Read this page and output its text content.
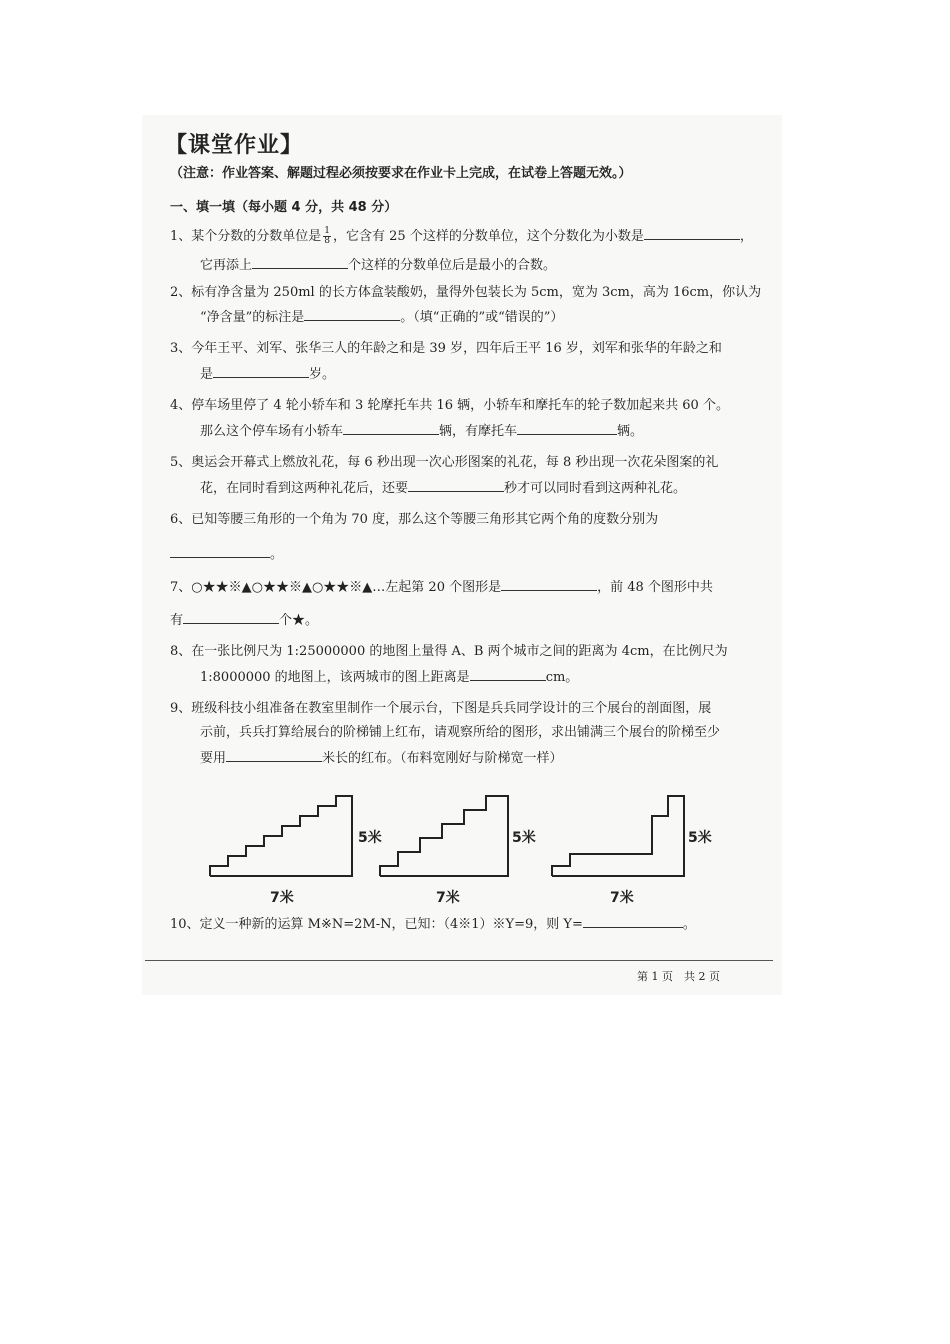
【课堂作业】
（注意：作业答案、解题过程必须按要求在作业卡上完成，在试卷上答题无效。）
一、填一填（每小题 4 分，共 48 分）
1、某个分数的分数单位是 $\frac{1}{8}$ ，它含有 25 个这样的分数单位，这个分数化为小数是	，
它再添上	个这样的分数单位后是最小的合数。
2、标有净含量为 250ml 的长方体盒装酸奶，量得外包装长为 5cm，宽为 3cm，高为 16cm，你认为
“净含量”的标注是	。（填“正确的”或“错误的”）
3、今年王平、刘军、张华三人的年龄之和是 39 岁，四年后王平 16 岁，刘军和张华的年龄之和
是	岁。
4、停车场里停了 4 轮小轿车和 3 轮摩托车共 16 辆，小轿车和摩托车的轮子数加起来共 60 个。
那么这个停车场有小轿车	辆，有摩托车	辆。
5、奥运会开幕式上燃放礼花，每 6 秒出现一次心形图案的礼花，每 8 秒出现一次花朵图案的礼
花，在同时看到这两种礼花后，还要	秒才可以同时看到这两种礼花。
6、已知等腰三角形的一个角为 70 度，那么这个等腰三角形其它两个角的度数分别为
。
7、○★★※▲○★★※▲○★★※▲…左起第 20 个图形是	，前 48 个图形中共
有	个★。
8、在一张比例尺为 1:25000000 的地图上量得 A、B 两个城市之间的距离为 4cm，在比例尺为
1:8000000 的地图上，该两城市的图上距离是	cm。
9、班级科技小组准备在教室里制作一个展示台，下图是兵兵同学设计的三个展台的剖面图，展
示前，兵兵打算给展台的阶梯铺上红布，请观察所给的图形，求出铺满三个展台的阶梯至少
要用	米长的红布。（布料宽刚好与阶梯宽一样）
5米
7米
5米
7米
5米
7米
10、定义一种新的运算 M※N=2M-N，已知：（4※1）※Y=9，则 Y=	。
第 1 页　共 2 页
